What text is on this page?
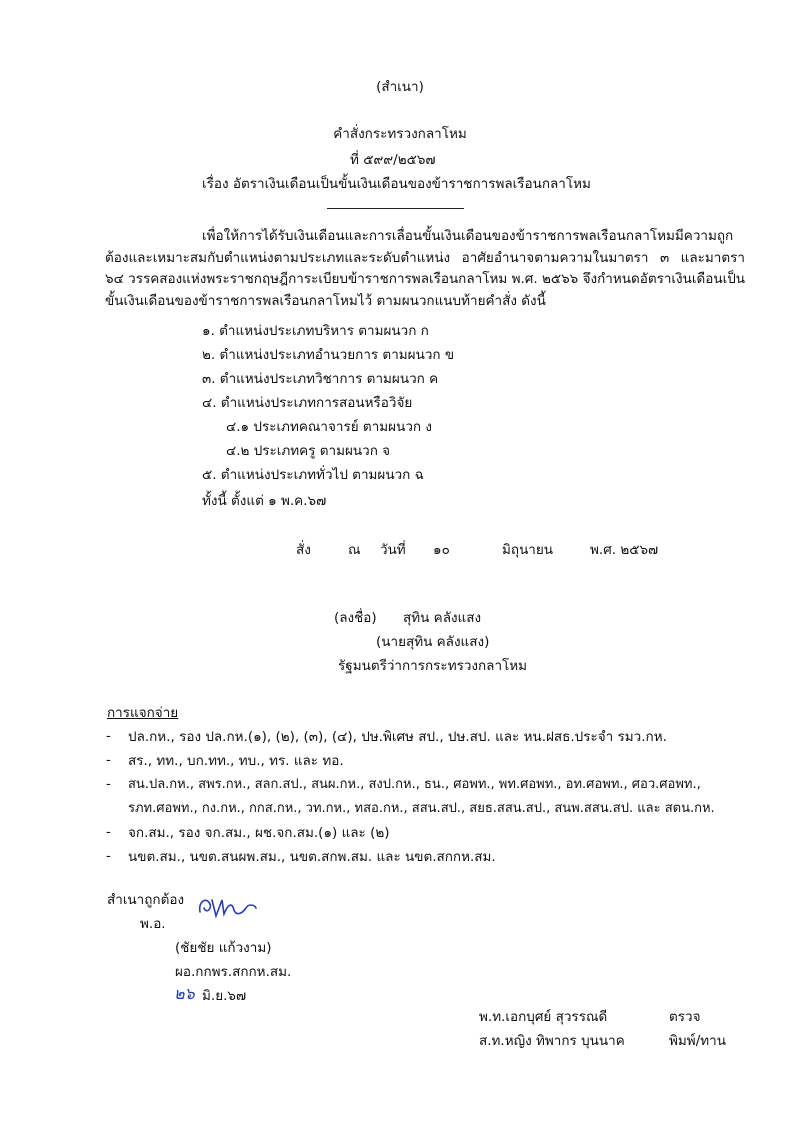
(สำเนา)
คำสั่งกระทรวงกลาโหม
ที่ ๕๙๙/๒๕๖๗
เรื่อง อัตราเงินเดือนเป็นขั้นเงินเดือนของข้าราชการพลเรือนกลาโหม
เพื่อให้การได้รับเงินเดือนและการเลื่อนขั้นเงินเดือนของข้าราชการพลเรือนกลาโหมมีความถูกต้องและเหมาะสมกับตำแหน่งตามประเภทและระดับตำแหน่ง อาศัยอำนาจตามความในมาตรา ๓ และมาตรา ๖๔ วรรคสองแห่งพระราชกฤษฎีการะเบียบข้าราชการพลเรือนกลาโหม พ.ศ. ๒๕๖๖ จึงกำหนดอัตราเงินเดือนเป็นขั้นเงินเดือนของข้าราชการพลเรือนกลาโหมไว้ ตามผนวกแนบท้ายคำสั่ง ดังนี้
๑. ตำแหน่งประเภทบริหาร ตามผนวก ก
๒. ตำแหน่งประเภทอำนวยการ ตามผนวก ข
๓. ตำแหน่งประเภทวิชาการ ตามผนวก ค
๔. ตำแหน่งประเภทการสอนหรือวิจัย
๔.๑ ประเภทคณาจารย์ ตามผนวก ง
๔.๒ ประเภทครู ตามผนวก จ
๕. ตำแหน่งประเภททั่วไป ตามผนวก ฉ
ทั้งนี้ ตั้งแต่ ๑ พ.ค.๖๗
สั่ง	ณ วันที่ ๑๐	มิถุนายน	พ.ศ. ๒๕๖๗
(ลงชื่อ) สุทิน คลังแสง
(นายสุทิน คลังแสง)
รัฐมนตรีว่าการกระทรวงกลาโหม
การแจกจ่าย
- ปล.กห., รอง ปล.กห.(๑), (๒), (๓), (๔), ปษ.พิเศษ สป., ปษ.สป. และ หน.ฝสธ.ประจำ รมว.กห.
- สร., ทท., บก.ทท., ทบ., ทร. และ ทอ.
- สน.ปล.กห., สพร.กห., สลก.สป., สนผ.กห., สงป.กห., ธน., ศอพท., พท.ศอพท., อท.ศอพท., ศอว.ศอพท.,
รภท.ศอพท., กง.กห., กกส.กห., วท.กห., ทสอ.กห., สสน.สป., สยธ.สสน.สป., สนพ.สสน.สป. และ สตน.กห.
- จก.สม., รอง จก.สม., ผช.จก.สม.(๑) และ (๒)
- นขต.สม., นขต.สนผพ.สม., นขต.สกพ.สม. และ นขต.สกกห.สม.
สำเนาถูกต้อง
พ.อ.
(ชัยชัย แก้วงาม)
ผอ.กกพร.สกกห.สม.
๒๖ มิ.ย.๖๗
พ.ท.เอกบุศย์ สุวรรณดี	ตรวจ
ส.ท.หญิง ทิพากร บุนนาค	พิมพ์/ทาน
